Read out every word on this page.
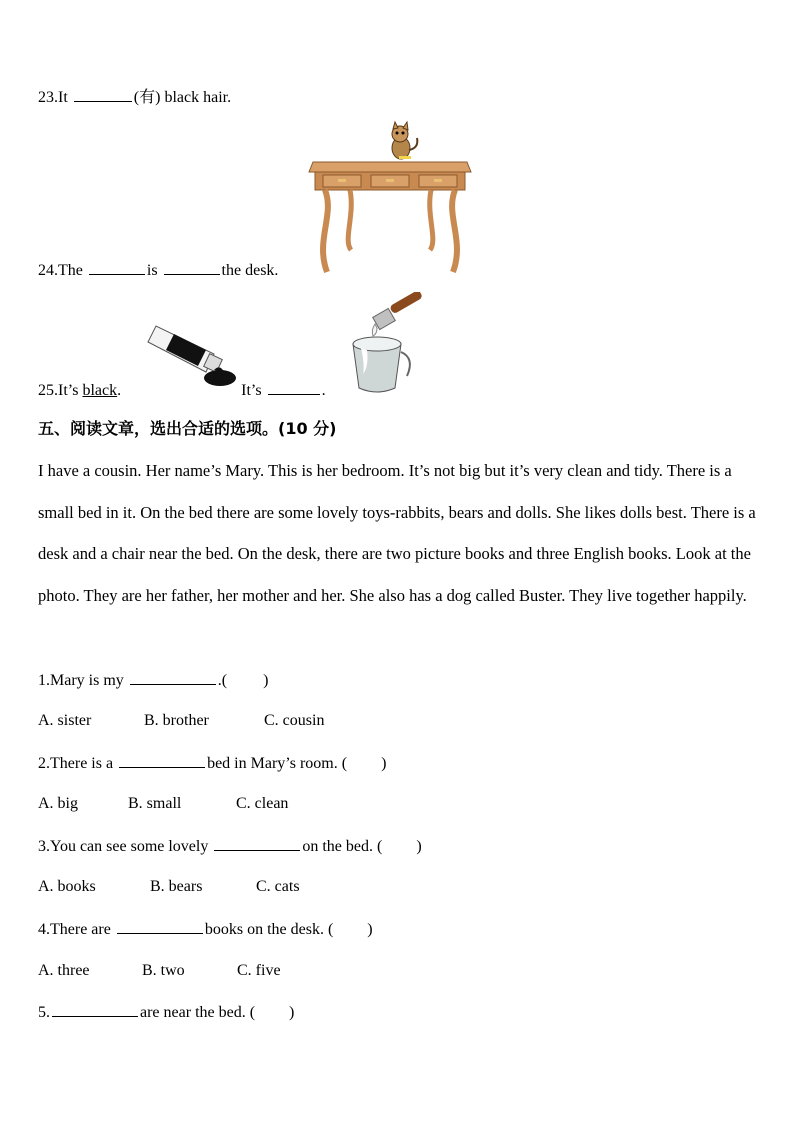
23.It	(有) black hair.
24.The	is	the desk.
25.It’s black.	It’s	.
五、阅读文章，选出合适的选项。(10 分)
I have a cousin. Her name’s Mary. This is her bedroom. It’s not big but it’s very clean and tidy. There is a small bed in it. On the bed there are some lovely toys-rabbits, bears and dolls. She likes dolls best. There is a desk and a chair near the bed. On the desk, there are two picture books and three English books. Look at the photo. They are her father, her mother and her. She also has a dog called Buster. They live together happily.
1.Mary is my	.( )
A. sister	B. brother	C. cousin
2.There is a	bed in Mary’s room. ( )
A. big	B. small	C. clean
3.You can see some lovely	on the bed. ( )
A. books	B. bears	C. cats
4.There are	books on the desk. ( )
A. three	B. two	C. five
5.	are near the bed. ( )
